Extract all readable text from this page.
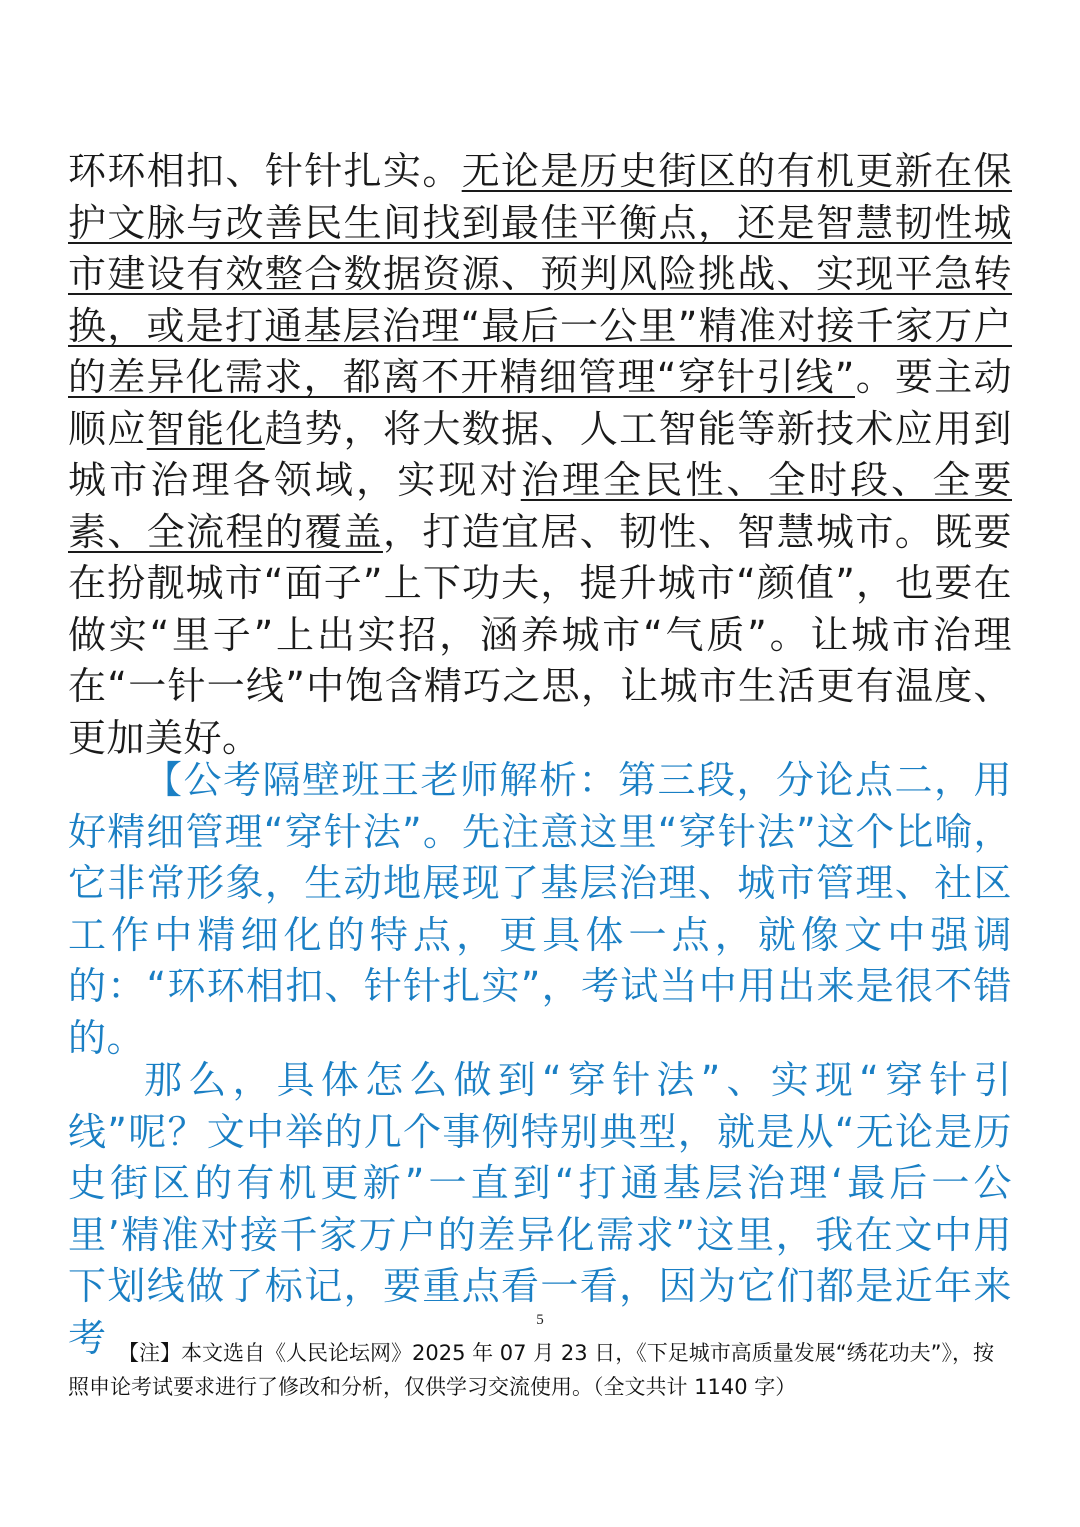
环环相扣、针针扎实。无论是历史街区的有机更新在保护文脉与改善民生间找到最佳平衡点，还是智慧韧性城市建设有效整合数据资源、预判风险挑战、实现平急转换，或是打通基层治理“最后一公里”精准对接千家万户的差异化需求，都离不开精细管理“穿针引线”。要主动顺应智能化趋势，将大数据、人工智能等新技术应用到城市治理各领域，实现对治理全民性、全时段、全要素、全流程的覆盖，打造宜居、韧性、智慧城市。既要在扮靓城市“面子”上下功夫，提升城市“颜值”，也要在做实“里子”上出实招，涵养城市“气质”。让城市治理在“一针一线”中饱含精巧之思，让城市生活更有温度、更加美好。

【公考隔壁班王老师解析：第三段，分论点二，用好精细管理“穿针法”。先注意这里“穿针法”这个比喻，它非常形象，生动地展现了基层治理、城市管理、社区工作中精细化的特点，更具体一点，就像文中强调的：“环环相扣、针针扎实”，考试当中用出来是很不错的。

那么，具体怎么做到“穿针法”、实现“穿针引线”呢？文中举的几个事例特别典型，就是从“无论是历史街区的有机更新”一直到“打通基层治理‘最后一公里’精准对接千家万户的差异化需求”这里，我在文中用下划线做了标记，要重点看一看，因为它们都是近年来考	5

【注】本文选自《人民论坛网》2025 年 07 月 23 日，《下足城市高质量发展“绣花功夫”》，按照申论考试要求进行了修改和分析，仅供学习交流使用。（全文共计 1140 字）
